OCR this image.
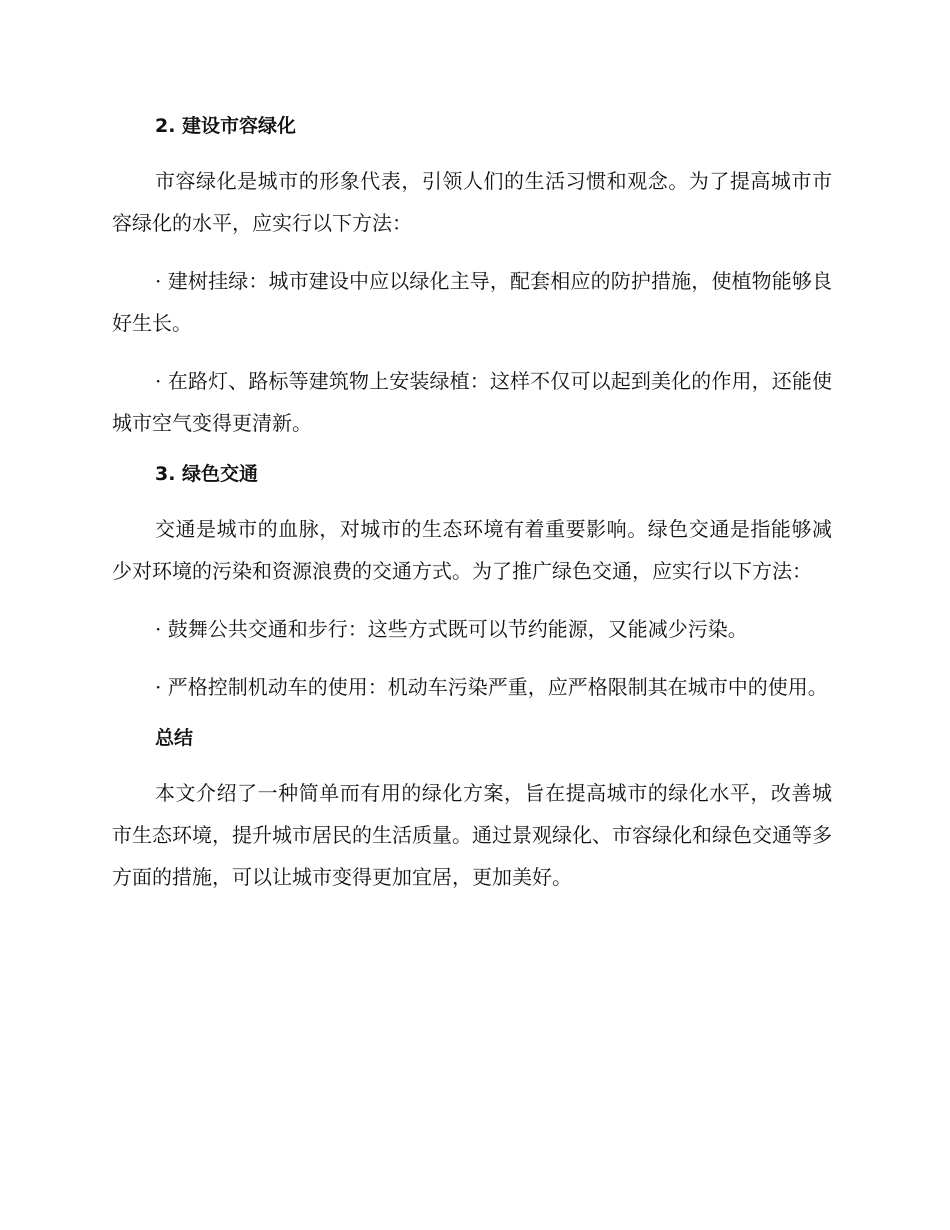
2. 建设市容绿化

市容绿化是城市的形象代表，引领人们的生活习惯和观念。为了提高城市市容绿化的水平，应实行以下方法：

· 建树挂绿：城市建设中应以绿化主导，配套相应的防护措施，使植物能够良好生长。

· 在路灯、路标等建筑物上安装绿植：这样不仅可以起到美化的作用，还能使城市空气变得更清新。

3. 绿色交通

交通是城市的血脉，对城市的生态环境有着重要影响。绿色交通是指能够减少对环境的污染和资源浪费的交通方式。为了推广绿色交通，应实行以下方法：

· 鼓舞公共交通和步行：这些方式既可以节约能源，又能减少污染。

· 严格控制机动车的使用：机动车污染严重，应严格限制其在城市中的使用。

总结

本文介绍了一种简单而有用的绿化方案，旨在提高城市的绿化水平，改善城市生态环境，提升城市居民的生活质量。通过景观绿化、市容绿化和绿色交通等多方面的措施，可以让城市变得更加宜居，更加美好。
